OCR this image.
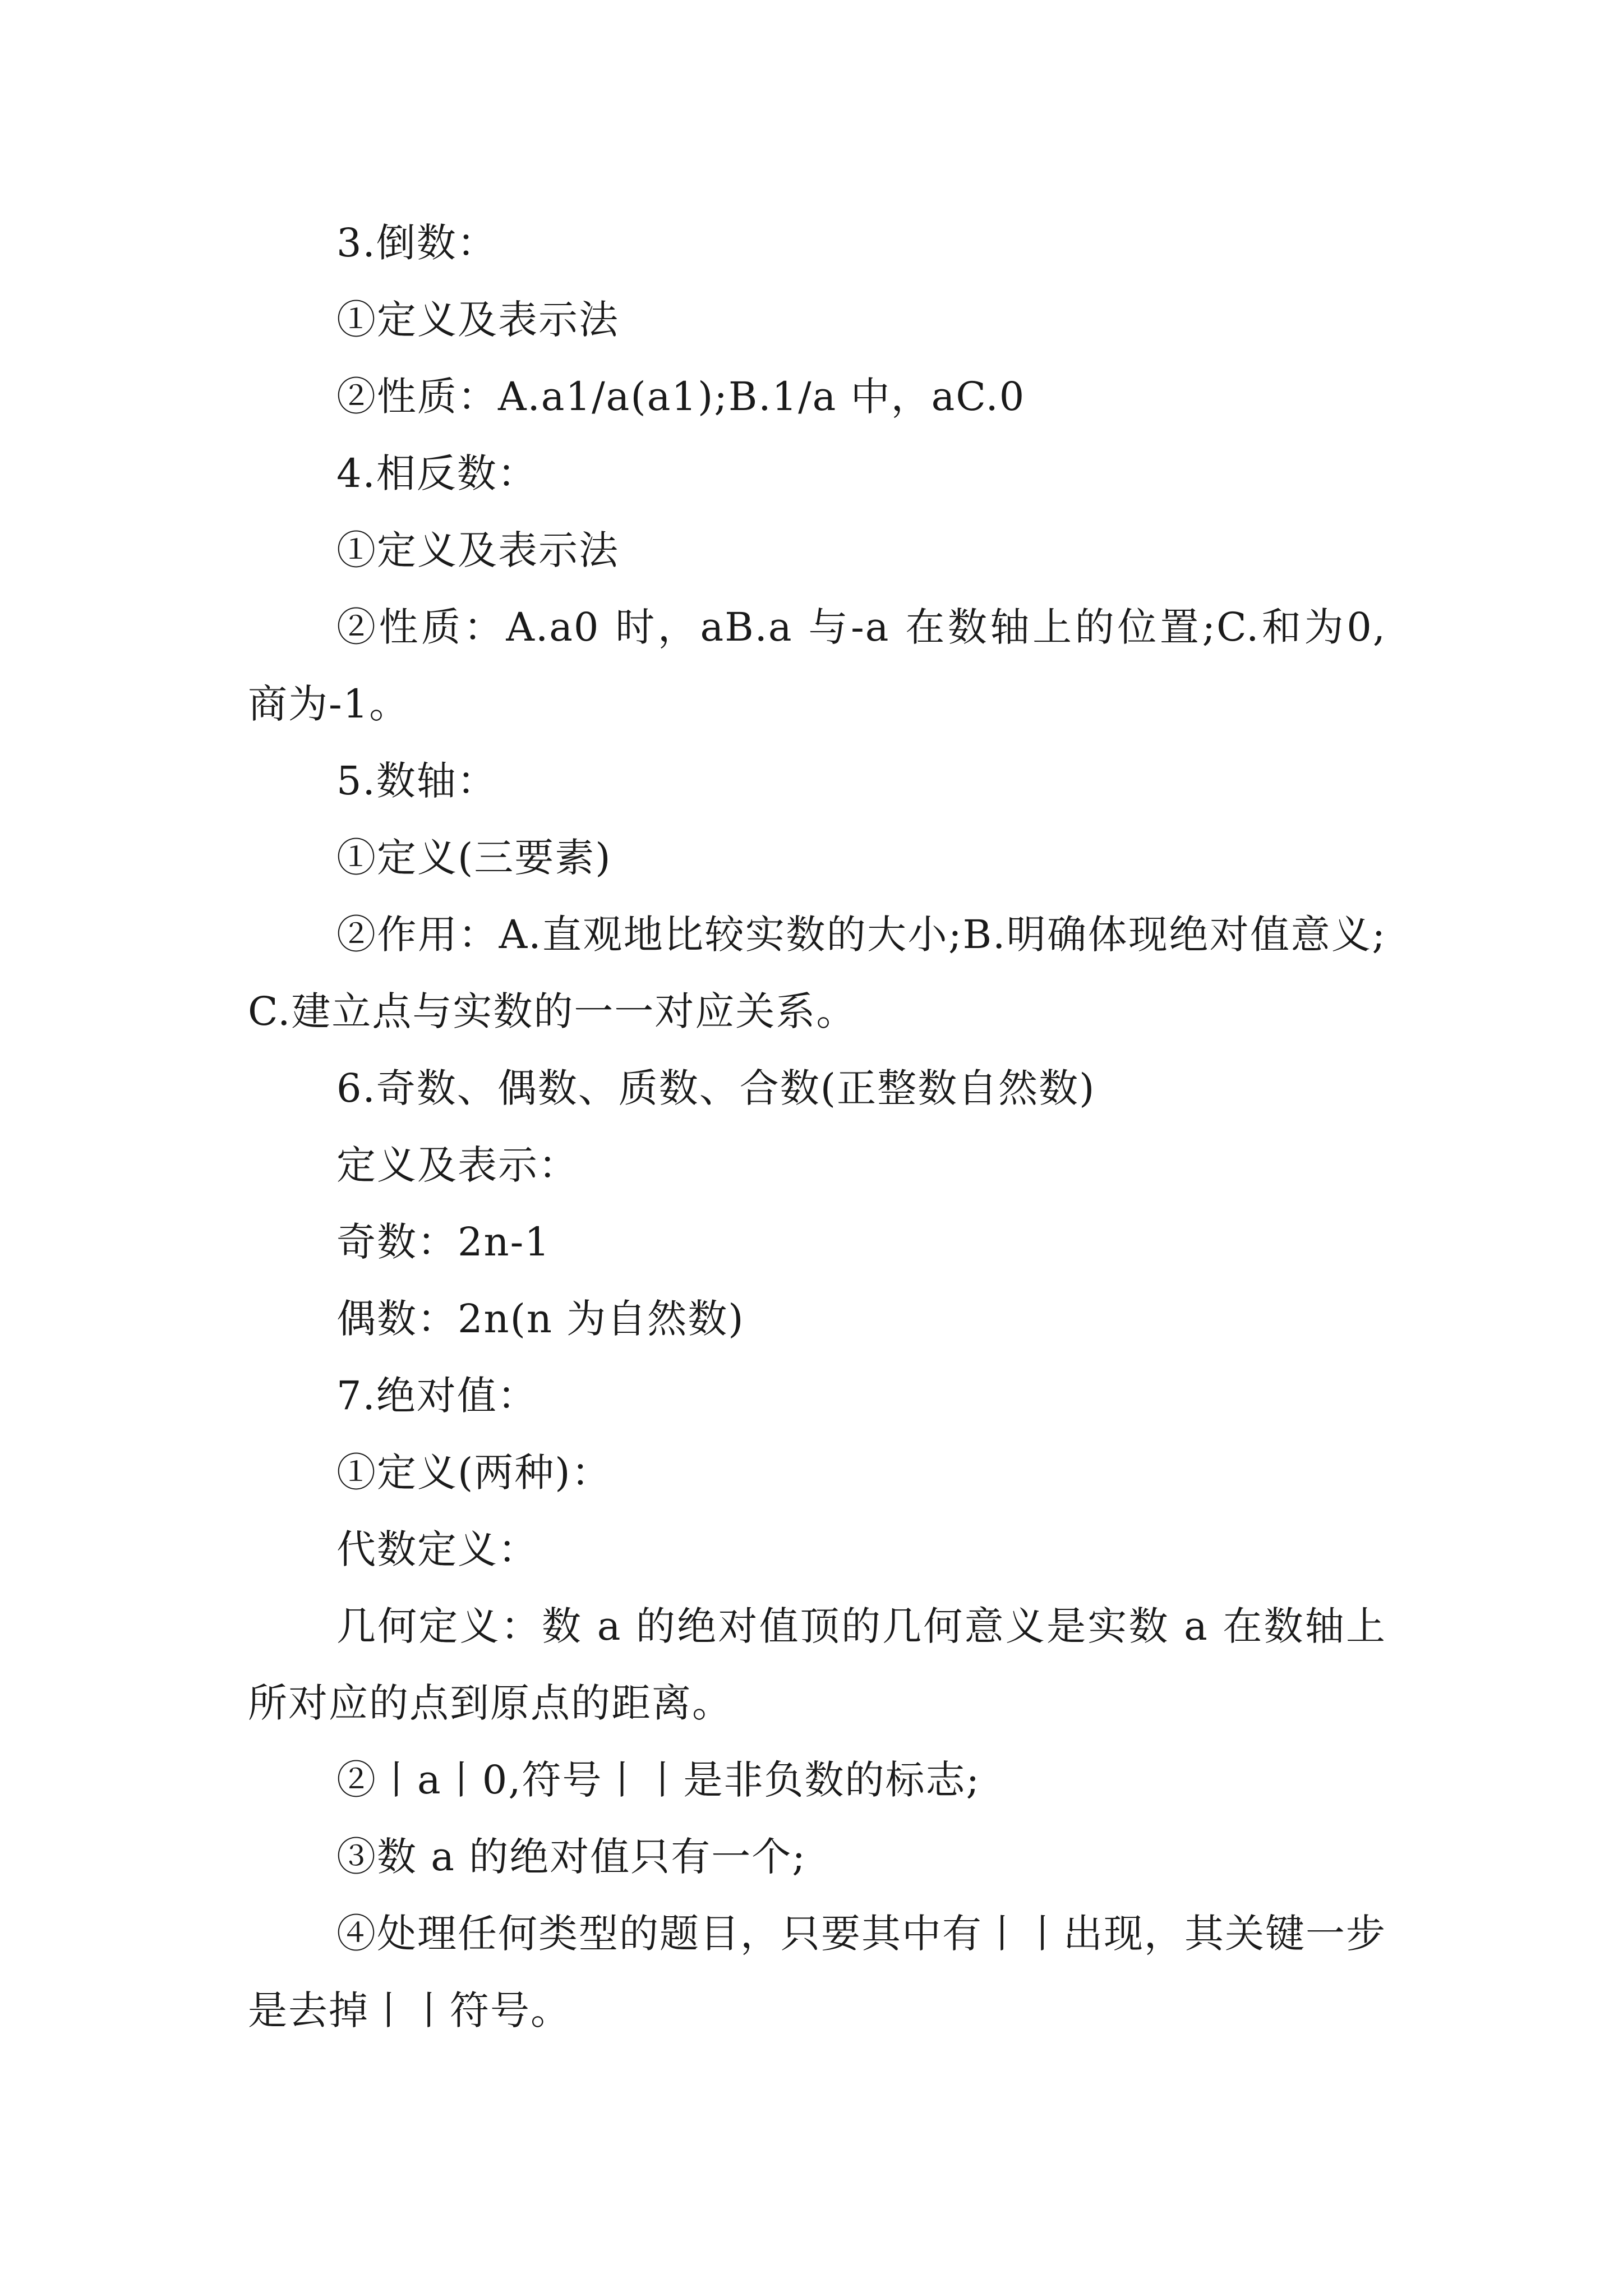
3.倒数：

①定义及表示法

②性质：A.a1/a(a1);B.1/a 中，aC.0

4.相反数：

①定义及表示法

②性质：A.a0 时，aB.a 与-a 在数轴上的位置;C.和为0,商为-1。

5.数轴：

①定义(三要素)

②作用：A.直观地比较实数的大小;B.明确体现绝对值意义;C.建立点与实数的一一对应关系。

6.奇数、偶数、质数、合数(正整数自然数)

定义及表示：

奇数：2n-1

偶数：2n(n 为自然数)

7.绝对值：

①定义(两种)：

代数定义：

几何定义：数 a 的绝对值顶的几何意义是实数 a 在数轴上所对应的点到原点的距离。

②丨a丨0,符号丨丨是非负数的标志;

③数 a 的绝对值只有一个;

④处理任何类型的题目，只要其中有丨丨出现，其关键一步是去掉丨丨符号。
